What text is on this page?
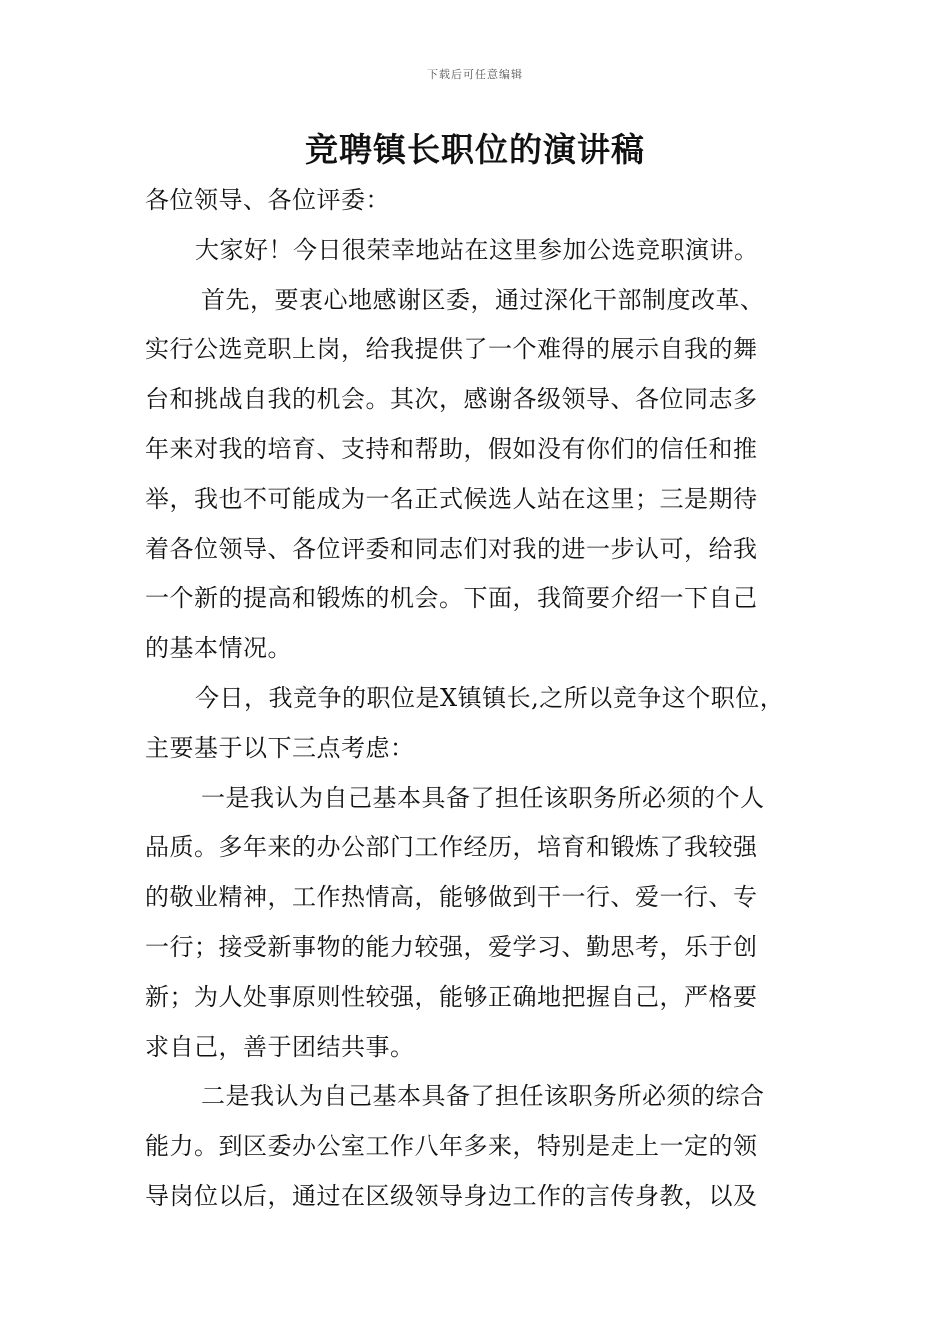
下载后可任意编辑
竞聘镇长职位的演讲稿
各位领导、各位评委：
大家好！今日很荣幸地站在这里参加公选竞职演讲。
首先，要衷心地感谢区委，通过深化干部制度改革、
实行公选竞职上岗，给我提供了一个难得的展示自我的舞
台和挑战自我的机会。其次，感谢各级领导、各位同志多
年来对我的培育、支持和帮助，假如没有你们的信任和推
举，我也不可能成为一名正式候选人站在这里；三是期待
着各位领导、各位评委和同志们对我的进一步认可，给我
一个新的提高和锻炼的机会。下面，我简要介绍一下自己
的基本情况。
今日，我竞争的职位是X镇镇长,之所以竞争这个职位，
主要基于以下三点考虑：
一是我认为自己基本具备了担任该职务所必须的个人
品质。多年来的办公部门工作经历，培育和锻炼了我较强
的敬业精神，工作热情高，能够做到干一行、爱一行、专
一行；接受新事物的能力较强，爱学习、勤思考，乐于创
新；为人处事原则性较强，能够正确地把握自己，严格要
求自己，善于团结共事。
二是我认为自己基本具备了担任该职务所必须的综合
能力。到区委办公室工作八年多来，特别是走上一定的领
导岗位以后，通过在区级领导身边工作的言传身教，以及
